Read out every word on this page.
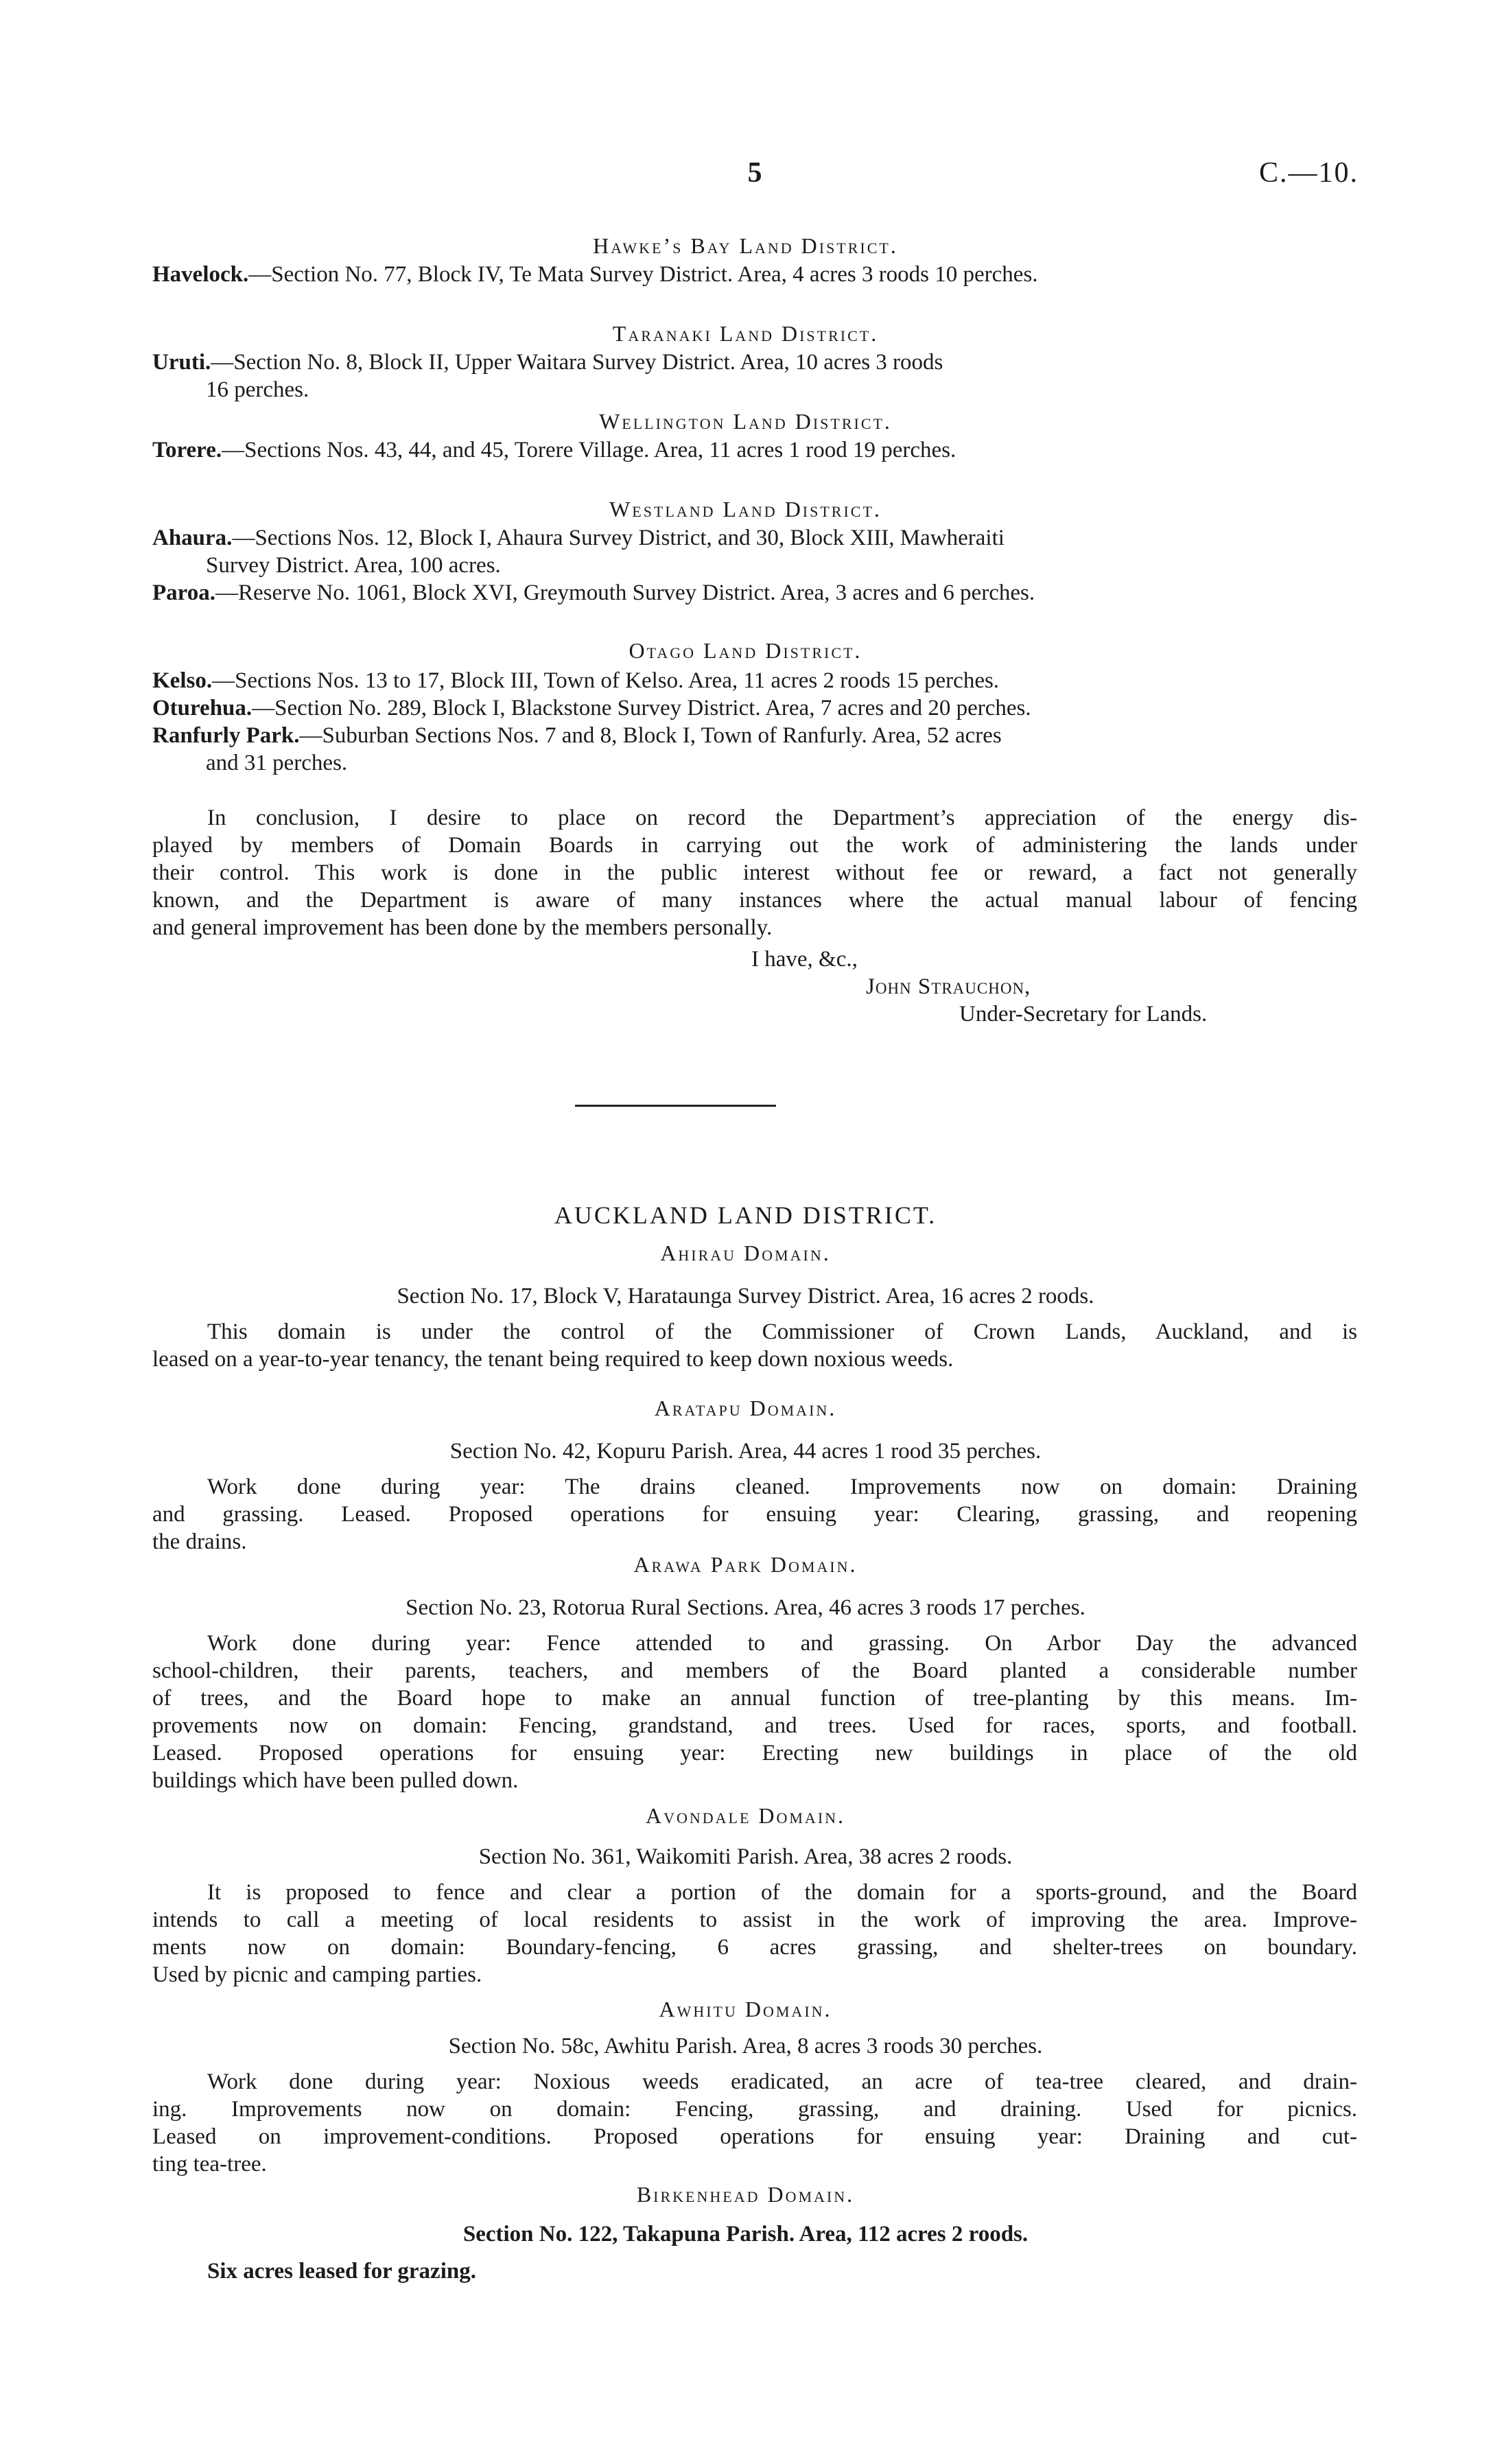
5	C.—10.
Hawke’s Bay Land District.
Havelock.—Section No. 77, Block IV, Te Mata Survey District. Area, 4 acres 3 roods 10 perches.
Taranaki Land District.
Uruti.—Section No. 8, Block II, Upper Waitara Survey District. Area, 10 acres 3 roods
16 perches.
Wellington Land District.
Torere.—Sections Nos. 43, 44, and 45, Torere Village. Area, 11 acres 1 rood 19 perches.
Westland Land District.
Ahaura.—Sections Nos. 12, Block I, Ahaura Survey District, and 30, Block XIII, Mawheraiti
Survey District. Area, 100 acres.
Paroa.—Reserve No. 1061, Block XVI, Greymouth Survey District. Area, 3 acres and 6 perches.
Otago Land District.
Kelso.—Sections Nos. 13 to 17, Block III, Town of Kelso. Area, 11 acres 2 roods 15 perches.
Oturehua.—Section No. 289, Block I, Blackstone Survey District. Area, 7 acres and 20 perches.
Ranfurly Park.—Suburban Sections Nos. 7 and 8, Block I, Town of Ranfurly. Area, 52 acres
and 31 perches.
In conclusion, I desire to place on record the Department’s appreciation of the energy dis-
played by members of Domain Boards in carrying out the work of administering the lands under
their control. This work is done in the public interest without fee or reward, a fact not generally
known, and the Department is aware of many instances where the actual manual labour of fencing
and general improvement has been done by the members personally.
I have, &c.,
John Strauchon,
Under-Secretary for Lands.
AUCKLAND LAND DISTRICT.
Ahirau Domain.
Section No. 17, Block V, Harataunga Survey District. Area, 16 acres 2 roods.
This domain is under the control of the Commissioner of Crown Lands, Auckland, and is
leased on a year-to-year tenancy, the tenant being required to keep down noxious weeds.
Aratapu Domain.
Section No. 42, Kopuru Parish. Area, 44 acres 1 rood 35 perches.
Work done during year: The drains cleaned. Improvements now on domain: Draining
and grassing. Leased. Proposed operations for ensuing year: Clearing, grassing, and reopening
the drains.
Arawa Park Domain.
Section No. 23, Rotorua Rural Sections. Area, 46 acres 3 roods 17 perches.
Work done during year: Fence attended to and grassing. On Arbor Day the advanced
school-children, their parents, teachers, and members of the Board planted a considerable number
of trees, and the Board hope to make an annual function of tree-planting by this means. Im-
provements now on domain: Fencing, grandstand, and trees. Used for races, sports, and football.
Leased. Proposed operations for ensuing year: Erecting new buildings in place of the old
buildings which have been pulled down.
Avondale Domain.
Section No. 361, Waikomiti Parish. Area, 38 acres 2 roods.
It is proposed to fence and clear a portion of the domain for a sports-ground, and the Board
intends to call a meeting of local residents to assist in the work of improving the area. Improve-
ments now on domain: Boundary-fencing, 6 acres grassing, and shelter-trees on boundary.
Used by picnic and camping parties.
Awhitu Domain.
Section No. 58c, Awhitu Parish. Area, 8 acres 3 roods 30 perches.
Work done during year: Noxious weeds eradicated, an acre of tea-tree cleared, and drain-
ing. Improvements now on domain: Fencing, grassing, and draining. Used for picnics.
Leased on improvement-conditions. Proposed operations for ensuing year: Draining and cut-
ting tea-tree.
Birkenhead Domain.
Section No. 122, Takapuna Parish. Area, 112 acres 2 roods.
Six acres leased for grazing.
